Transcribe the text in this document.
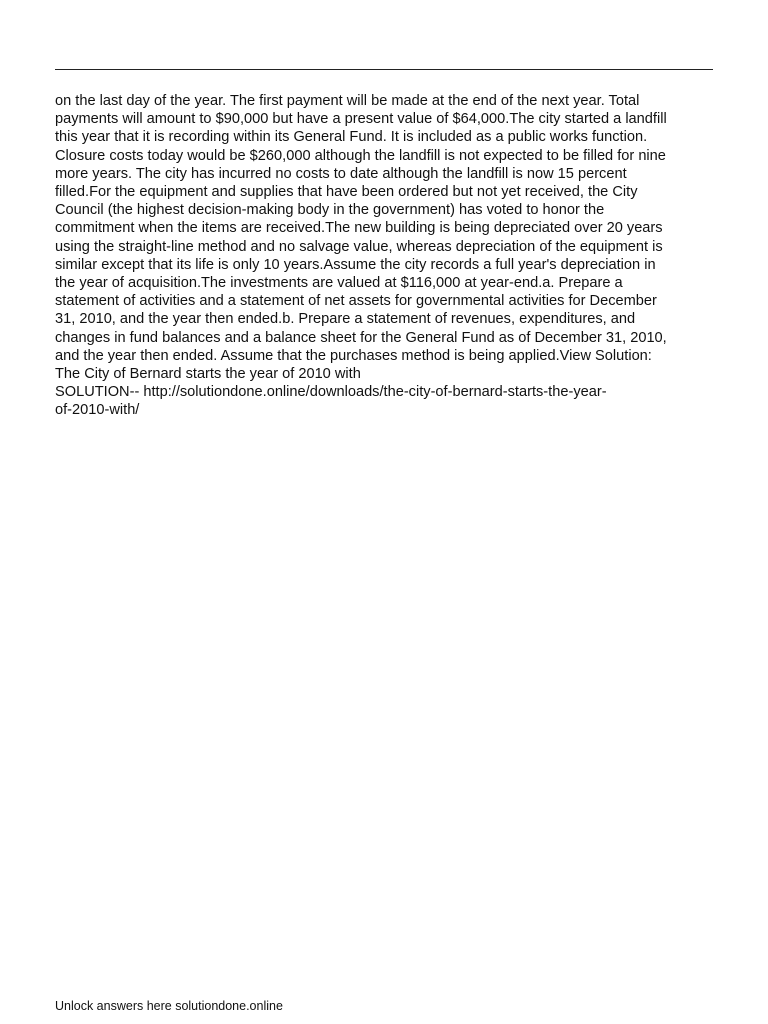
on the last day of the year. The first payment will be made at the end of the next year. Total
payments will amount to $90,000 but have a present value of $64,000.The city started a landfill
this year that it is recording within its General Fund. It is included as a public works function.
Closure costs today would be $260,000 although the landfill is not expected to be filled for nine
more years. The city has incurred no costs to date although the landfill is now 15 percent
filled.For the equipment and supplies that have been ordered but not yet received, the City
Council (the highest decision-making body in the government) has voted to honor the
commitment when the items are received.The new building is being depreciated over 20 years
using the straight-line method and no salvage value, whereas depreciation of the equipment is
similar except that its life is only 10 years.Assume the city records a full year's depreciation in
the year of acquisition.The investments are valued at $116,000 at year-end.a. Prepare a
statement of activities and a statement of net assets for governmental activities for December
31, 2010, and the year then ended.b. Prepare a statement of revenues, expenditures, and
changes in fund balances and a balance sheet for the General Fund as of December 31, 2010,
and the year then ended. Assume that the purchases method is being applied.View Solution:
The City of Bernard starts the year of 2010 with
SOLUTION-- http://solutiondone.online/downloads/the-city-of-bernard-starts-the-year-
of-2010-with/
Unlock answers here solutiondone.online
